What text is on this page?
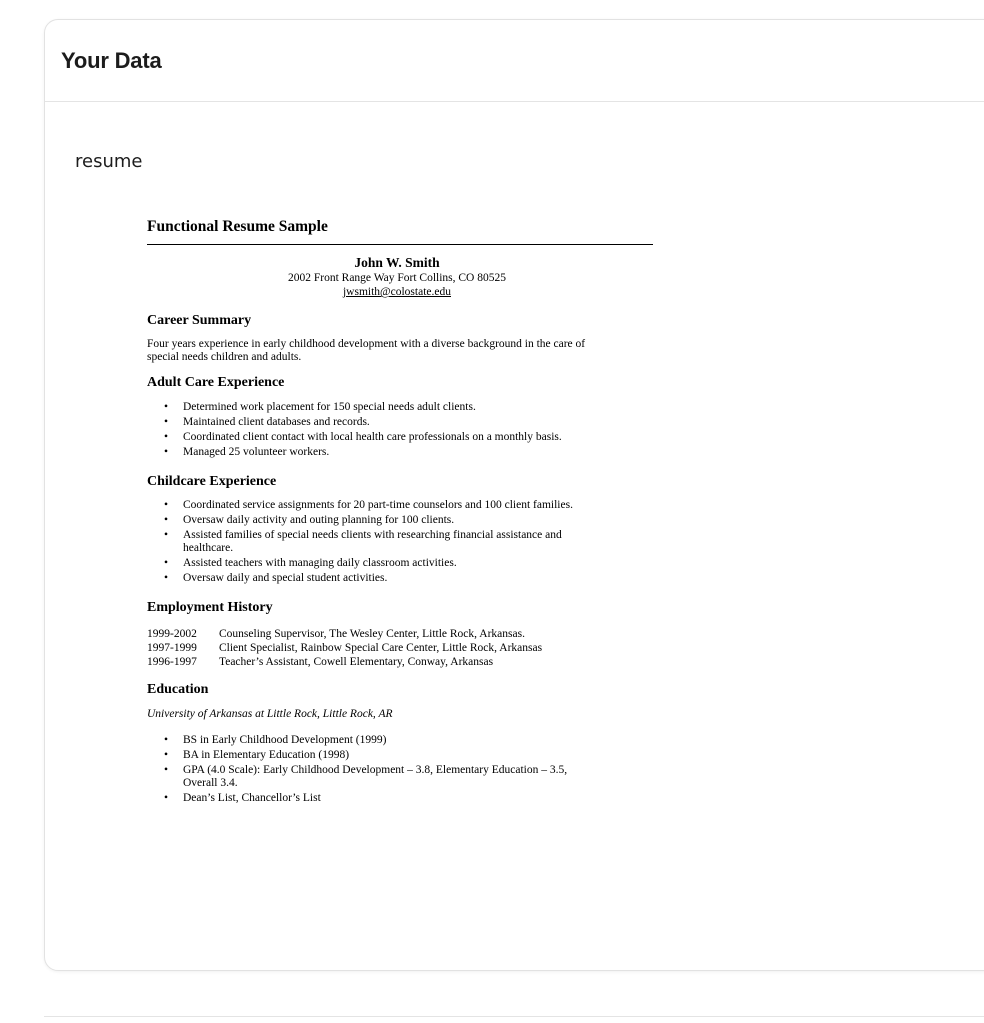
Your Data
resume
Functional Resume Sample
John W. Smith
2002 Front Range Way Fort Collins, CO 80525
jwsmith@colostate.edu
Career Summary
Four years experience in early childhood development with a diverse background in the care of special needs children and adults.
Adult Care Experience
• Determined work placement for 150 special needs adult clients.
• Maintained client databases and records.
• Coordinated client contact with local health care professionals on a monthly basis.
• Managed 25 volunteer workers.
Childcare Experience
• Coordinated service assignments for 20 part-time counselors and 100 client families.
• Oversaw daily activity and outing planning for 100 clients.
• Assisted families of special needs clients with researching financial assistance and healthcare.
• Assisted teachers with managing daily classroom activities.
• Oversaw daily and special student activities.
Employment History
1999-2002	Counseling Supervisor, The Wesley Center, Little Rock, Arkansas.
1997-1999	Client Specialist, Rainbow Special Care Center, Little Rock, Arkansas
1996-1997	Teacher’s Assistant, Cowell Elementary, Conway, Arkansas
Education
University of Arkansas at Little Rock, Little Rock, AR
• BS in Early Childhood Development (1999)
• BA in Elementary Education (1998)
• GPA (4.0 Scale): Early Childhood Development – 3.8, Elementary Education – 3.5, Overall 3.4.
• Dean’s List, Chancellor’s List
